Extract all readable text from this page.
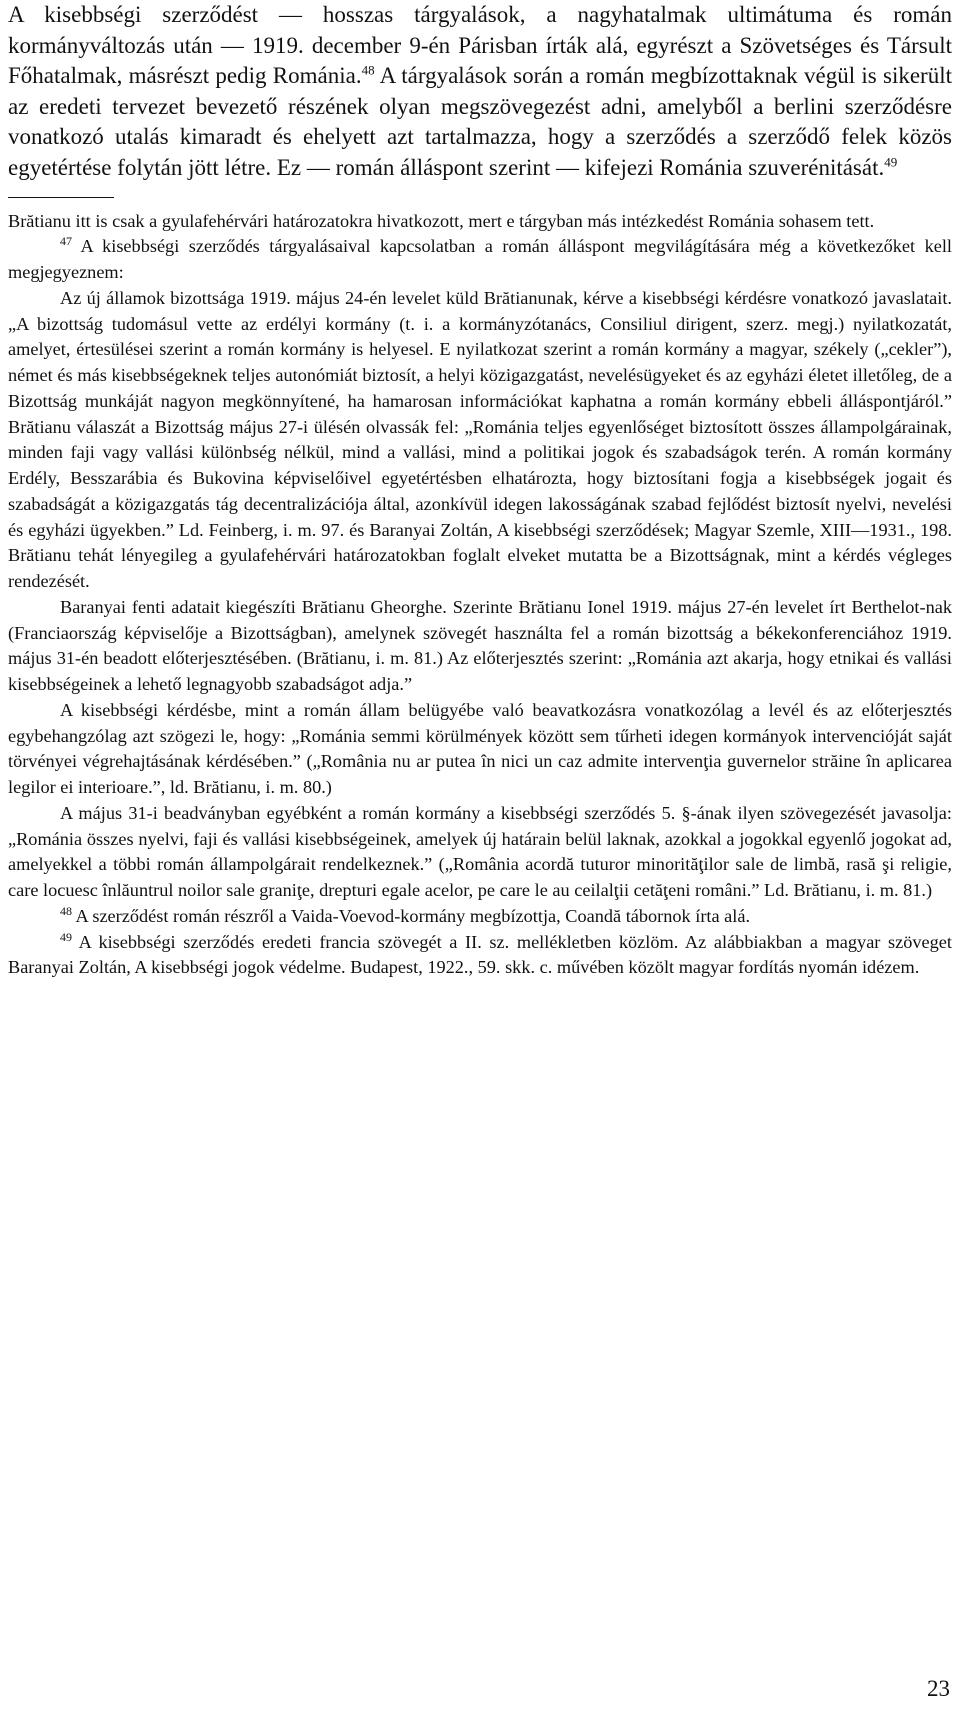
A kisebbségi szerződést — hosszas tárgyalások, a nagyhatalmak ultimátuma és román kormányváltozás után — 1919. december 9-én Párisban írták alá, egyrészt a Szövetséges és Társult Főhatalmak, másrészt pedig Románia.$^{48}$ A tárgyalások során a román megbízottaknak végül is sikerült az eredeti tervezet bevezető részének olyan megszövegezést adni, amelyből a berlini szerződésre vonatkozó utalás kimaradt és ehelyett azt tartalmazza, hogy a szerződés a szerződő felek közös egyetértése folytán jött létre. Ez — román álláspont szerint — kifejezi Románia szuverénitását.$^{49}$

Brătianu itt is csak a gyulafehérvári határozatokra hivatkozott, mert e tárgyban más intézkedést Románia sohasem tett.

$^{47}$ A kisebbségi szerződés tárgyalásaival kapcsolatban a román álláspont megvilágítására még a következőket kell megjegyeznem:

Az új államok bizottsága 1919. május 24-én levelet küld Brătianunak, kérve a kisebbségi kérdésre vonatkozó javaslatait. „A bizottság tudomásul vette az erdélyi kormány (t. i. a kormányzótanács, Consiliul dirigent, szerz. megj.) nyilatkozatát, amelyet, értesülései szerint a román kormány is helyesel. E nyilatkozat szerint a román kormány a magyar, székely („cekler”), német és más kisebbségeknek teljes autonómiát biztosít, a helyi közigazgatást, nevelésügyeket és az egyházi életet illetőleg, de a Bizottság munkáját nagyon megkönnyítené, ha hamarosan információkat kaphatna a román kormány ebbeli álláspontjáról.” Brătianu válaszát a Bizottság május 27-i ülésén olvassák fel: „Románia teljes egyenlőséget biztosított összes állampolgárainak, minden faji vagy vallási különbség nélkül, mind a vallási, mind a politikai jogok és szabadságok terén. A román kormány Erdély, Besszarábia és Bukovina képviselőivel egyetértésben elhatározta, hogy biztosítani fogja a kisebbségek jogait és szabadságát a közigazgatás tág decentralizációja által, azonkívül idegen lakosságának szabad fejlődést biztosít nyelvi, nevelési és egyházi ügyekben.” Ld. Feinberg, i. m. 97. és Baranyai Zoltán, A kisebbségi szerződések; Magyar Szemle, XIII—1931., 198. Brătianu tehát lényegileg a gyulafehérvári határozatokban foglalt elveket mutatta be a Bizottságnak, mint a kérdés végleges rendezését.

Baranyai fenti adatait kiegészíti Brătianu Gheorghe. Szerinte Brătianu Ionel 1919. május 27-én levelet írt Berthelot-nak (Franciaország képviselője a Bizottságban), amelynek szövegét használta fel a román bizottság a békekonferenciához 1919. május 31-én beadott előterjesztésében. (Brătianu, i. m. 81.) Az előterjesztés szerint: „Románia azt akarja, hogy etnikai és vallási kisebbségeinek a lehető legnagyobb szabadságot adja.”

A kisebbségi kérdésbe, mint a román állam belügyébe való beavatkozásra vonatkozólag a levél és az előterjesztés egybehangzólag azt szögezi le, hogy: „Románia semmi körülmények között sem tűrheti idegen kormányok intervencióját saját törvényei végrehajtásának kérdésében.” („România nu ar putea în nici un caz admite intervenţia guvernelor străine în aplicarea legilor ei interioare.”, ld. Brătianu, i. m. 80.)

A május 31-i beadványban egyébként a román kormány a kisebbségi szerződés 5. §-ának ilyen szövegezését javasolja: „Románia összes nyelvi, faji és vallási kisebbségeinek, amelyek új határain belül laknak, azokkal a jogokkal egyenlő jogokat ad, amelyekkel a többi román állampolgárait rendelkeznek.” („România acordă tuturor minorităţilor sale de limbă, rasă şi religie, care locuesc înlăuntrul noilor sale graniţe, drepturi egale acelor, pe care le au ceilalţii cetăţeni români.” Ld. Brătianu, i. m. 81.)

$^{48}$ A szerződést román részről a Vaida-Voevod-kormány megbízottja, Coandă tábornok írta alá.

$^{49}$ A kisebbségi szerződés eredeti francia szövegét a II. sz. mellékletben közlöm. Az alábbiakban a magyar szöveget Baranyai Zoltán, A kisebbségi jogok védelme. Budapest, 1922., 59. skk. c. művében közölt magyar fordítás nyomán idézem.

23
